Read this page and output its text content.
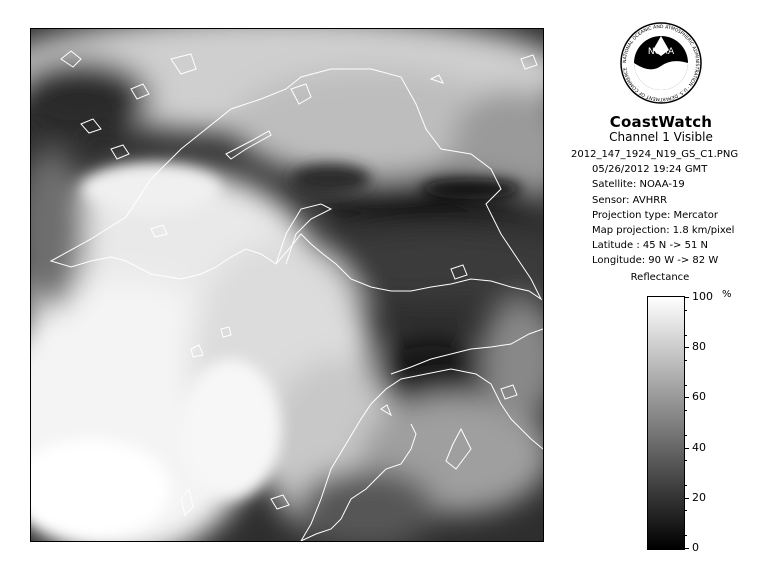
NOAA
NATIONAL OCEANIC AND ATMOSPHERIC ADMINISTRATION · U.S. DEPARTMENT OF COMMERCE
CoastWatch
Channel 1 Visible
2012_147_1924_N19_GS_C1.PNG
05/26/2012 19:24 GMT
Satellite: NOAA-19
Sensor: AVHRR
Projection type: Mercator
Map projection: 1.8 km/pixel
Latitude : 45 N -> 51 N
Longitude: 90 W -> 82 W
Reflectance
%
0
20
40
60
80
100
